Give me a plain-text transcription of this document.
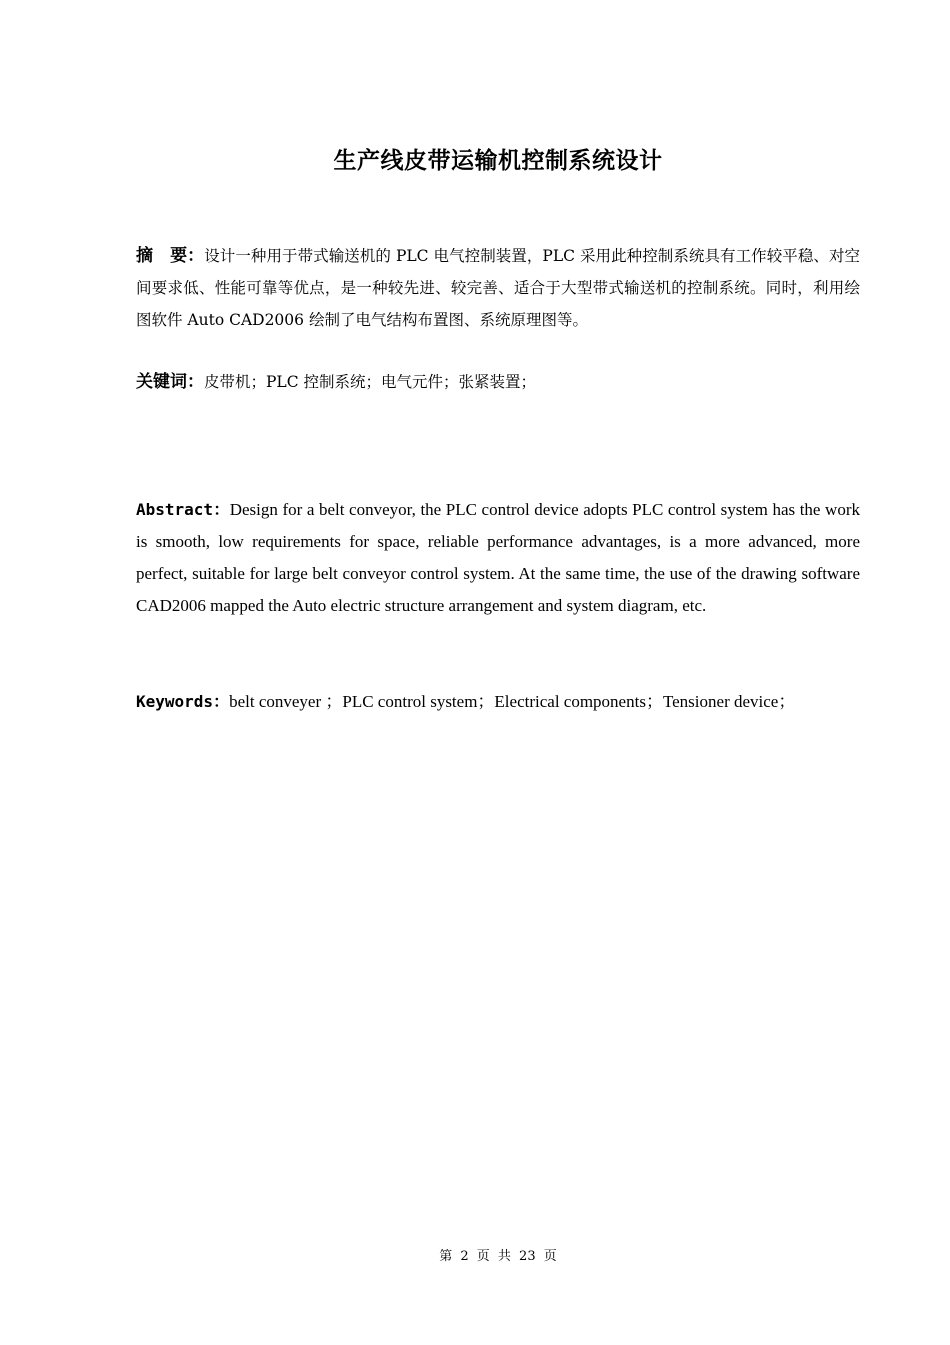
生产线皮带运输机控制系统设计
摘　要：设计一种用于带式输送机的 PLC 电气控制装置，PLC 采用此种控制系统具有工作较平稳、对空间要求低、性能可靠等优点，是一种较先进、较完善、适合于大型带式输送机的控制系统。同时，利用绘图软件 Auto CAD2006 绘制了电气结构布置图、系统原理图等。
关键词：皮带机；PLC 控制系统；电气元件；张紧装置；
Abstract：Design for a belt conveyor, the PLC control device adopts PLC control system has the work is smooth, low requirements for space, reliable performance advantages, is a more advanced, more perfect, suitable for large belt conveyor control system. At the same time, the use of the drawing software CAD2006 mapped the Auto electric structure arrangement and system diagram, etc.
Keywords：belt conveyer ；PLC control system；Electrical components；Tensioner device；
第 2 页 共 23 页
